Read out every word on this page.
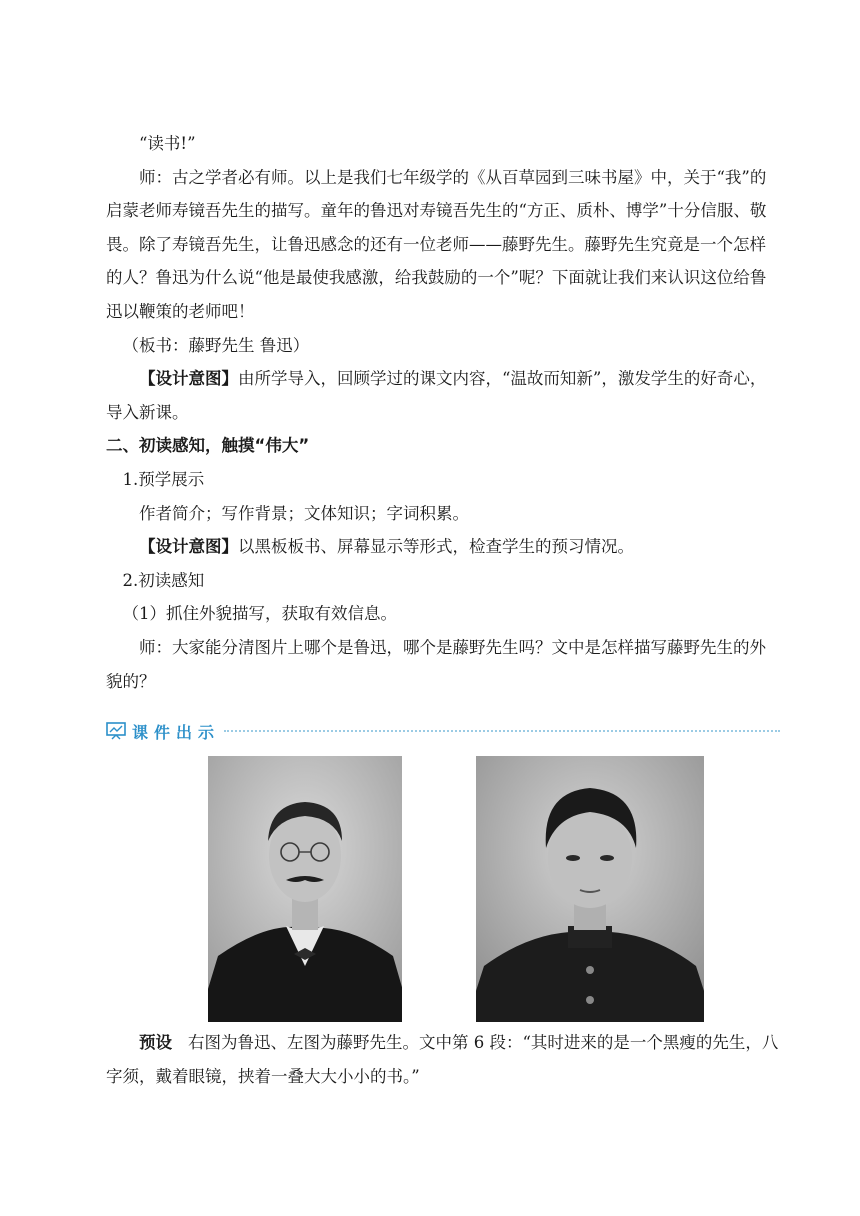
“读书!”

师：古之学者必有师。以上是我们七年级学的《从百草园到三味书屋》中，关于“我”的启蒙老师寿镜吾先生的描写。童年的鲁迅对寿镜吾先生的“方正、质朴、博学”十分信服、敬畏。除了寿镜吾先生，让鲁迅感念的还有一位老师——藤野先生。藤野先生究竟是一个怎样的人？鲁迅为什么说“他是最使我感激，给我鼓励的一个”呢？下面就让我们来认识这位给鲁迅以鞭策的老师吧！

（板书：藤野先生 鲁迅）

【设计意图】由所学导入，回顾学过的课文内容，“温故而知新”，激发学生的好奇心，导入新课。

二、初读感知，触摸“伟大”

1.预学展示

作者简介；写作背景；文体知识；字词积累。

【设计意图】以黑板板书、屏幕显示等形式，检查学生的预习情况。

2.初读感知

（1）抓住外貌描写，获取有效信息。

师：大家能分清图片上哪个是鲁迅，哪个是藤野先生吗？文中是怎样描写藤野先生的外貌的？

课件出示

预设 右图为鲁迅、左图为藤野先生。文中第 6 段：“其时进来的是一个黑瘦的先生，八字须，戴着眼镜，挟着一叠大大小小的书。”
